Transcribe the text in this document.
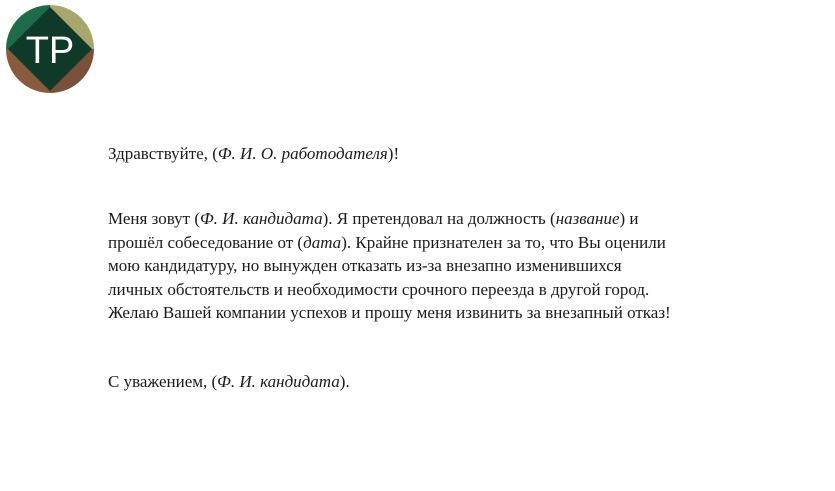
ТР
Здравствуйте, (Ф. И. О. работодателя)!
Меня зовут (Ф. И. кандидата). Я претендовал на должность (название) и
прошёл собеседование от (дата). Крайне признателен за то, что Вы оценили
мою кандидатуру, но вынужден отказать из-за внезапно изменившихся
личных обстоятельств и необходимости срочного переезда в другой город.
Желаю Вашей компании успехов и прошу меня извинить за внезапный отказ!
С уважением, (Ф. И. кандидата).
